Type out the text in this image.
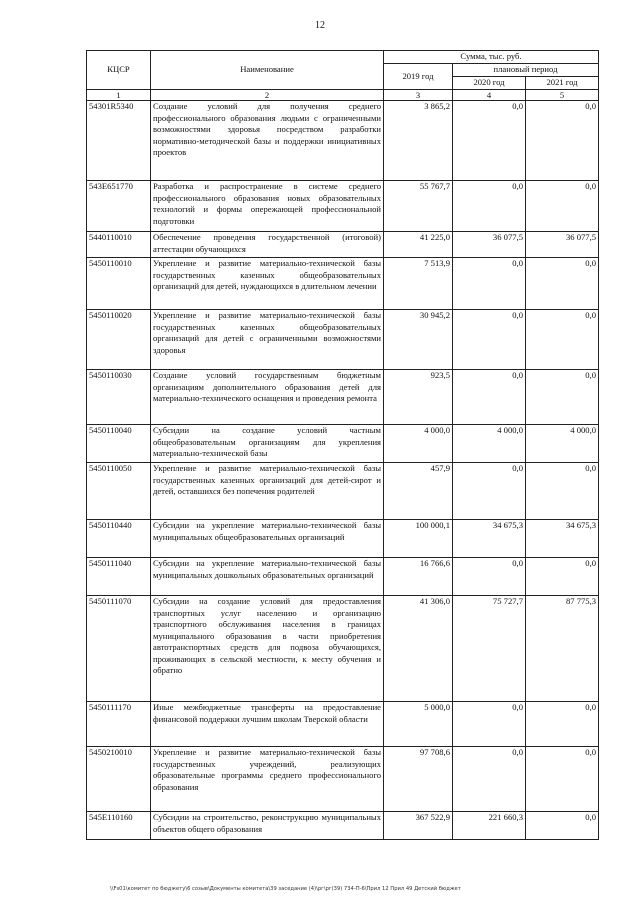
12
КЦСР	Наименование	Сумма, тыс. руб.		
		2019 год	плановый период	
			2020 год	2021 год
1	2	3	4	5
54301R5340	Создание условий для получения среднего профессионального образования людьми с ограниченными возможностями здоровья посредством разработки нормативно-методической базы и поддержки инициативных проектов	3 865,2	0,0	0,0
543E651770	Разработка и распространение в системе среднего профессионального образования новых образовательных технологий и формы опережающей профессиональной подготовки	55 767,7	0,0	0,0
5440110010	Обеспечение проведения государственной (итоговой) аттестации обучающихся	41 225,0	36 077,5	36 077,5
5450110010	Укрепление и развитие материально-технической базы государственных казенных общеобразовательных организаций для детей, нуждающихся в длительном лечении	7 513,9	0,0	0,0
5450110020	Укрепление и развитие материально-технической базы государственных казенных общеобразовательных организаций для детей с ограниченными возможностями здоровья	30 945,2	0,0	0,0
5450110030	Создание условий государственным бюджетным организациям дополнительного образования детей для материально-технического оснащения и проведения ремонта	923,5	0,0	0,0
5450110040	Субсидии на создание условий частным общеобразовательным организациям для укрепления материально-технической базы	4 000,0	4 000,0	4 000,0
5450110050	Укрепление и развитие материально-технической базы государственных казенных организаций для детей-сирот и детей, оставшихся без попечения родителей	457,9	0,0	0,0
5450110440	Субсидии на укрепление материально-технической базы муниципальных общеобразовательных организаций	100 000,1	34 675,3	34 675,3
5450111040	Субсидии на укрепление материально-технической базы муниципальных дошкольных образовательных организаций	16 766,6	0,0	0,0
5450111070	Субсидии на создание условий для предоставления транспортных услуг населению и организацию транспортного обслуживания населения в границах муниципального образования в части приобретения автотранспортных средств для подвоза обучающихся, проживающих в сельской местности, к месту обучения и обратно	41 306,0	75 727,7	87 775,3
5450111170	Иные межбюджетные трансферты на предоставление финансовой поддержки лучшим школам Тверской области	5 000,0	0,0	0,0
5450210010	Укрепление и развитие материально-технической базы государственных учреждений, реализующих образовательные программы среднего профессионального образования	97 708,6	0,0	0,0
545E110160	Субсидии на строительство, реконструкцию муниципальных объектов общего образования	367 522,9	221 660,3	0,0
\\Fs01\комитет по бюджету\6 созыв\Документы комитета\39 заседание (4)\рг\рг(39) 734-П-6\Прил 12 Прил 49 Детский бюджет
